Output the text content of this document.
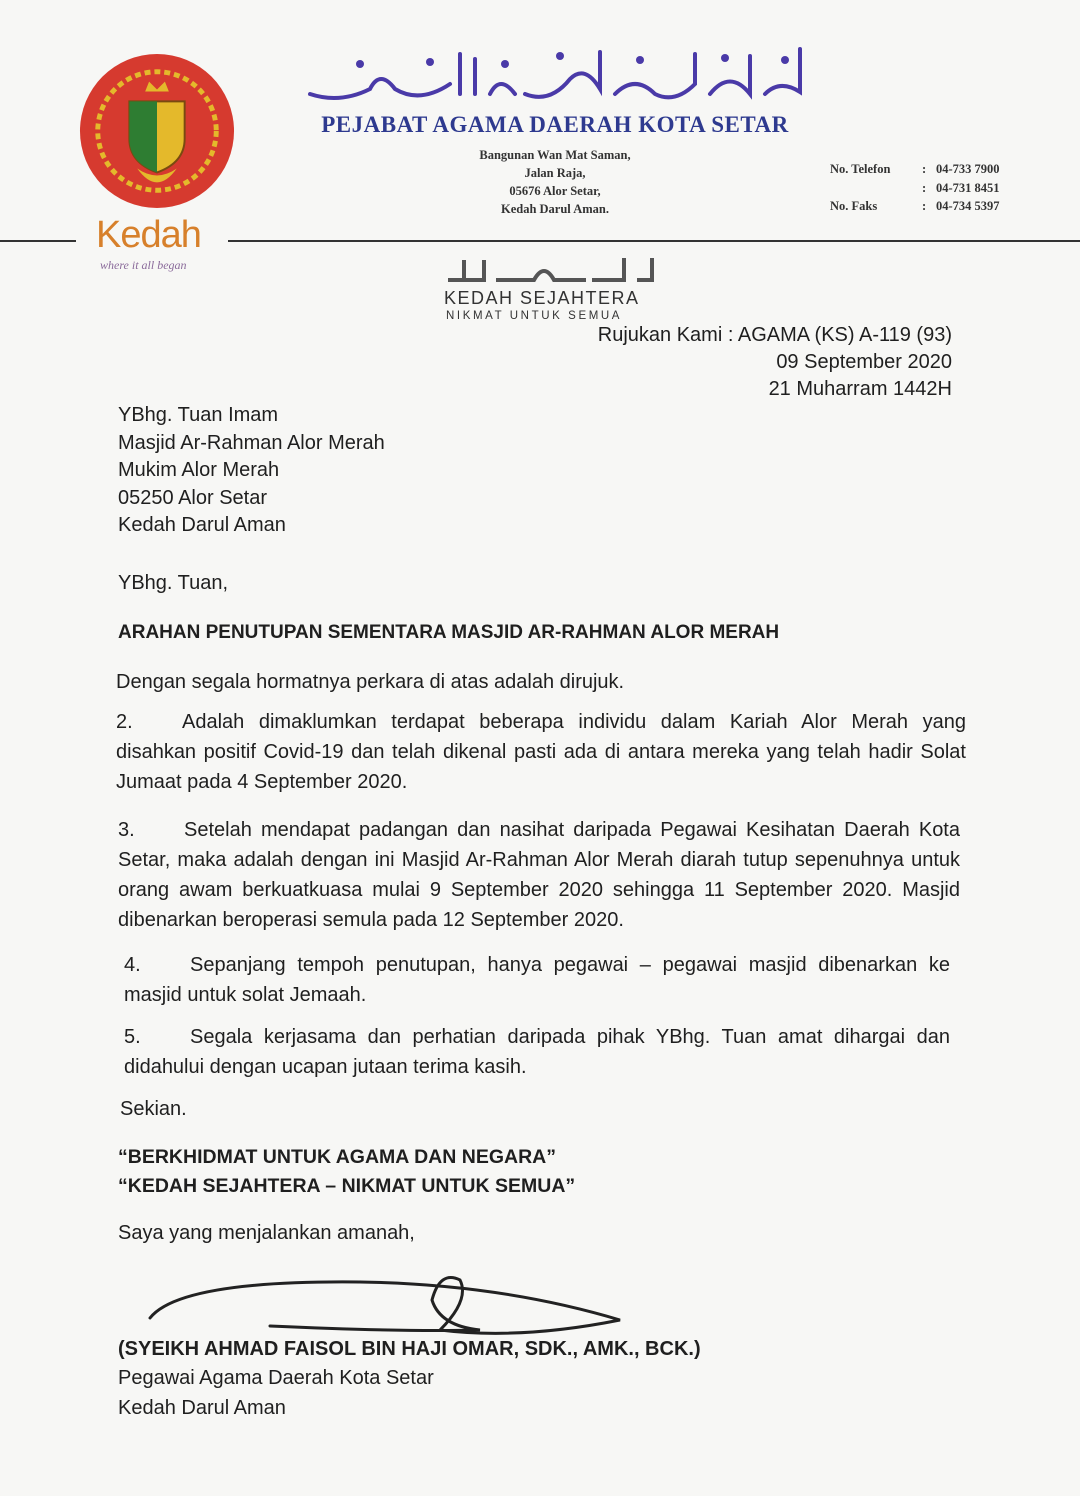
Kedah
where it all began
PEJABAT AGAMA DAERAH KOTA SETAR
Bangunan Wan Mat Saman,
Jalan Raja,
05676 Alor Setar,
Kedah Darul Aman.
No. Telefon	: 04-733 7900
: 04-731 8451
No. Faks	: 04-734 5397
KEDAH SEJAHTERA
NIKMAT UNTUK SEMUA
Rujukan Kami : AGAMA (KS) A-119 (93)
09 September 2020
21 Muharram 1442H
YBhg. Tuan Imam
Masjid Ar-Rahman Alor Merah
Mukim Alor Merah
05250 Alor Setar
Kedah Darul Aman
YBhg. Tuan,
ARAHAN PENUTUPAN SEMENTARA MASJID AR-RAHMAN ALOR MERAH
Dengan segala hormatnya perkara di atas adalah dirujuk.
2. Adalah dimaklumkan terdapat beberapa individu dalam Kariah Alor Merah yang disahkan positif Covid-19 dan telah dikenal pasti ada di antara mereka yang telah hadir Solat Jumaat pada 4 September 2020.
3. Setelah mendapat padangan dan nasihat daripada Pegawai Kesihatan Daerah Kota Setar, maka adalah dengan ini Masjid Ar-Rahman Alor Merah diarah tutup sepenuhnya untuk orang awam berkuatkuasa mulai 9 September 2020 sehingga 11 September 2020. Masjid dibenarkan beroperasi semula pada 12 September 2020.
4. Sepanjang tempoh penutupan, hanya pegawai – pegawai masjid dibenarkan ke masjid untuk solat Jemaah.
5. Segala kerjasama dan perhatian daripada pihak YBhg. Tuan amat dihargai dan didahului dengan ucapan jutaan terima kasih.
Sekian.
“BERKHIDMAT UNTUK AGAMA DAN NEGARA”
“KEDAH SEJAHTERA – NIKMAT UNTUK SEMUA”
Saya yang menjalankan amanah,
(SYEIKH AHMAD FAISOL BIN HAJI OMAR, SDK., AMK., BCK.)
Pegawai Agama Daerah Kota Setar
Kedah Darul Aman
